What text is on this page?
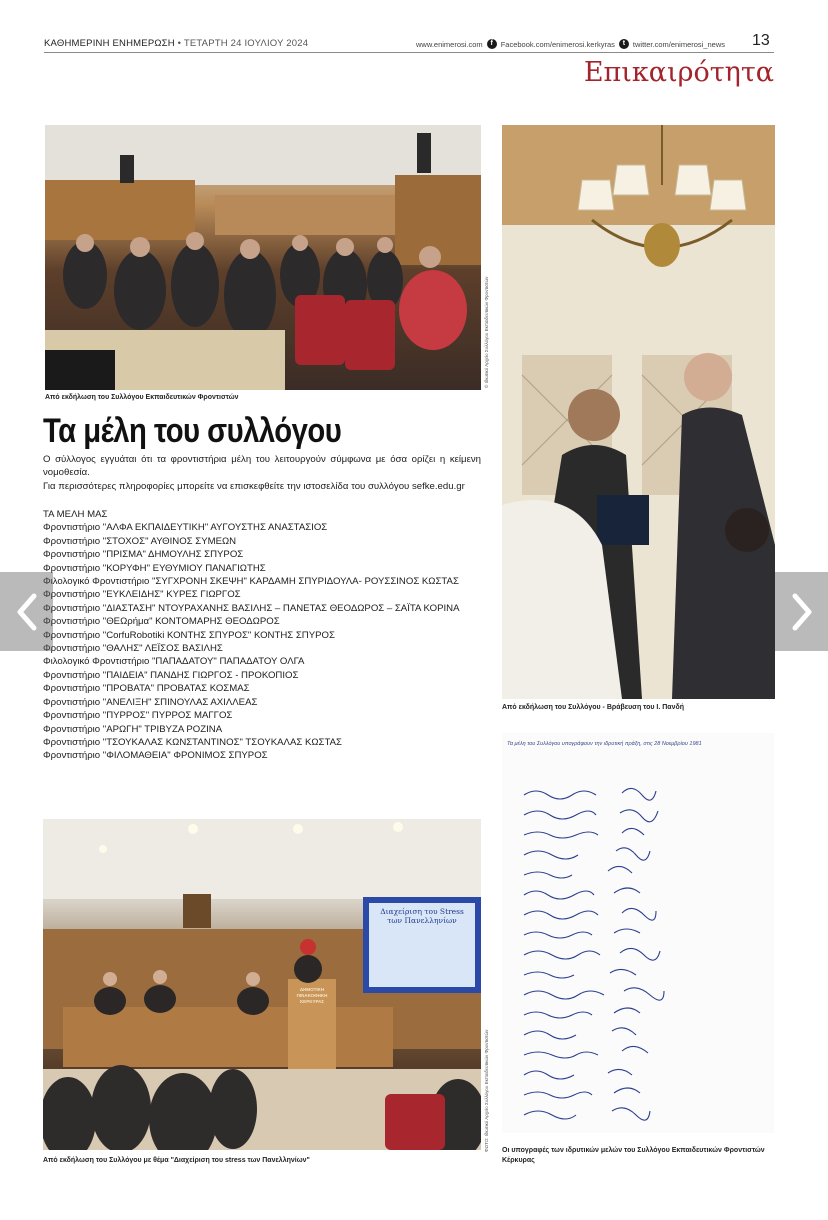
ΚΑΘΗΜΕΡΙΝΗ ΕΝΗΜΕΡΩΣΗ • ΤΕΤΑΡΤΗ 24 ΙΟΥΛΙΟΥ 2024	www.enimerosi.com	f	Facebook.com/enimerosi.kerkyras	t	twitter.com/enimerosi_news 13
Επικαιρότητα
© Ιδιωτικό Αρχείο Συλλόγου Εκπαιδευτικών Φροντιστών
Από εκδήλωση του Συλλόγου Εκπαιδευτικών Φροντιστών
Από εκδήλωση του Συλλόγου - Βράβευση του Ι. Πανδή
Τα μέλη του συλλόγου

Ο σύλλογος εγγυάται ότι τα φροντιστήρια μέλη του λειτουργούν σύμφωνα με όσα ορίζει η κείμενη νομοθεσία.

Για περισσότερες πληροφορίες μπορείτε να επισκεφθείτε την ιστοσελίδα του συλλόγου sefke.edu.gr

ΤΑ ΜΕΛΗ ΜΑΣ
Φροντιστήριο "ΑΛΦΑ ΕΚΠΑΙΔΕΥΤΙΚΗ" ΑΥΓΟΥΣΤΗΣ ΑΝΑΣΤΑΣΙΟΣ
Φροντιστήριο "ΣΤΟΧΟΣ" ΑΥΘΙΝΟΣ ΣΥΜΕΩΝ
Φροντιστήριο "ΠΡΙΣΜΑ" ΔΗΜΟΥΛΗΣ ΣΠΥΡΟΣ
Φροντιστήριο "ΚΟΡΥΦΗ" ΕΥΘΥΜΙΟΥ ΠΑΝΑΓΙΩΤΗΣ
Φιλολογικό Φροντιστήριο "ΣΥΓΧΡΟΝΗ ΣΚΕΨΗ" ΚΑΡΔΑΜΗ ΣΠΥΡΙΔΟΥΛΑ- ΡΟΥΣΣΙΝΟΣ ΚΩΣΤΑΣ
Φροντιστήριο "ΕΥΚΛΕΙΔΗΣ" ΚΥΡΕΣ ΓΙΩΡΓΟΣ
Φροντιστήριο "ΔΙΑΣΤΑΣΗ" ΝΤΟΥΡΑΧΑΝΗΣ ΒΑΣΙΛΗΣ – ΠΑΝΕΤΑΣ ΘΕΟΔΩΡΟΣ – ΣΑΪΤΑ ΚΟΡΙΝΑ
Φροντιστήριο "ΘΕΩρήμα" ΚΟΝΤΟΜΑΡΗΣ ΘΕΟΔΩΡΟΣ
Φροντιστήριο "CorfuRobotiki ΚΟΝΤΗΣ ΣΠΥΡΟΣ" ΚΟΝΤΗΣ ΣΠΥΡΟΣ
Φροντιστήριο "ΘΑΛΗΣ" ΛΕΪΣΟΣ ΒΑΣΙΛΗΣ
Φιλολογικό Φροντιστήριο "ΠΑΠΑΔΑΤΟΥ" ΠΑΠΑΔΑΤΟΥ ΟΛΓΑ
Φροντιστήριο "ΠΑΙΔΕΙΑ" ΠΑΝΔΗΣ ΓΙΩΡΓΟΣ - ΠΡΟΚΟΠΙΟΣ
Φροντιστήριο "ΠΡΟΒΑΤΑ" ΠΡΟΒΑΤΑΣ ΚΟΣΜΑΣ
Φροντιστήριο "ΑΝΕΛΙΞΗ" ΣΠΙΝΟΥΛΑΣ ΑΧΙΛΛΕΑΣ
Φροντιστήριο "ΠΥΡΡΟΣ" ΠΥΡΡΟΣ ΜΑΓΓΟΣ
Φροντιστήριο "ΑΡΩΓΗ" ΤΡΙΒΥΖΑ ΡΟΖΙΝΑ
Φροντιστήριο "ΤΣΟΥΚΑΛΑΣ ΚΩΝΣΤΑΝΤΙΝΟΣ" ΤΣΟΥΚΑΛΑΣ ΚΩΣΤΑΣ
Φροντιστήριο "ΦΙΛΟΜΑΘΕΙΑ" ΦΡΟΝΙΜΟΣ ΣΠΥΡΟΣ
Διαχείριση του Stress των Πανελληνίων
ΔΗΜΟΤΙΚΗ ΠΙΝΑΚΟΘΗΚΗ ΚΕΡΚΥΡΑΣ
ΦΩΤΟ: Ιδιωτικό Αρχείο Συλλόγου Εκπαιδευτικών Φροντιστών
Από εκδήλωση του Συλλόγου με θέμα "Διαχείριση του stress των Πανελληνίων"
Τα μέλη του Συλλόγου υπογράφουν την ιδρυτική πράξη, στις 28 Νοεμβρίου 1981
Οι υπογραφές των ιδρυτικών μελών του Συλλόγου Εκπαιδευτικών Φροντιστών Κέρκυρας
